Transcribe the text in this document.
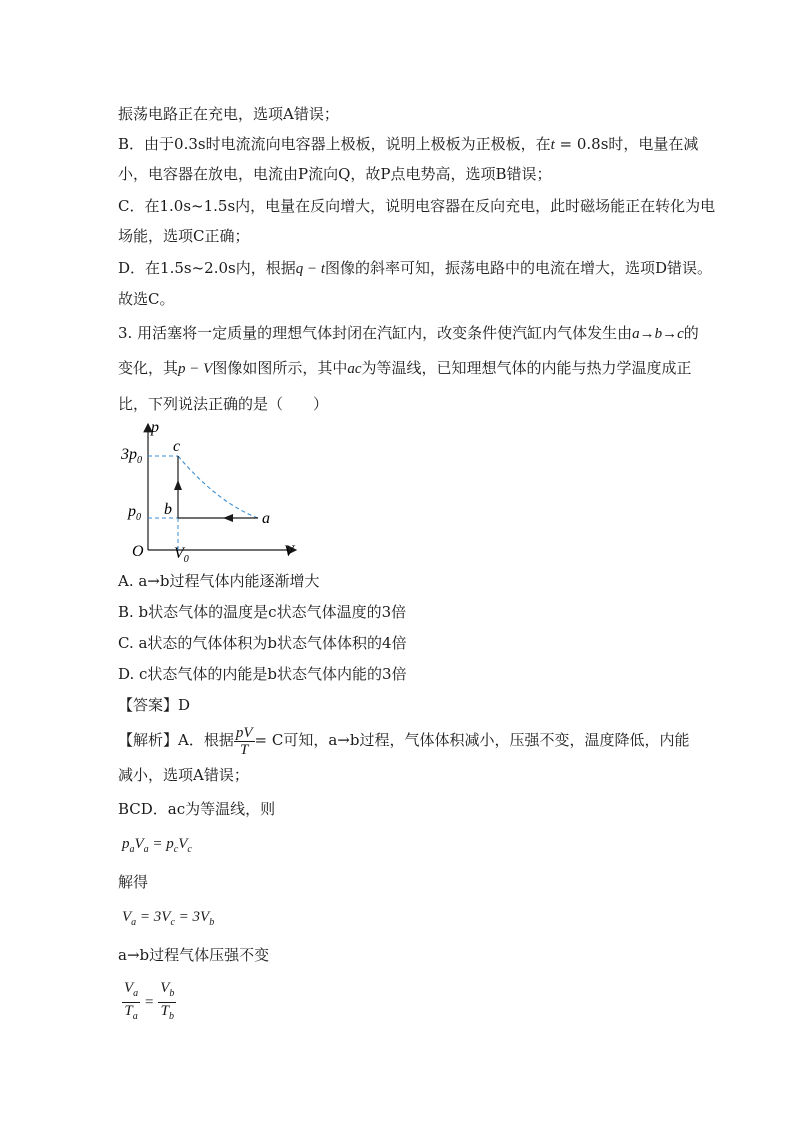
振荡电路正在充电，选项A错误；
B．由于0.3s时电流流向电容器上极板，说明上极板为正极板，在t = 0.8s时，电量在减
小，电容器在放电，电流由P流向Q，故P点电势高，选项B错误；
C．在1.0s~1.5s内，电量在反向增大，说明电容器在反向充电，此时磁场能正在转化为电
场能，选项C正确；
D．在1.5s~2.0s内，根据q − t图像的斜率可知，振荡电路中的电流在增大，选项D错误。
故选C。
3. 用活塞将一定质量的理想气体封闭在汽缸内，改变条件使汽缸内气体发生由a→b→c的
变化，其p − V图像如图所示，其中ac为等温线，已知理想气体的内能与热力学温度成正
比，下列说法正确的是（　　）
p
V
O
$3p_0$
$p_0$
$V_0$
c
b
a
A. a→b过程气体内能逐渐增大
B. b状态气体的温度是c状态气体温度的3倍
C. a状态的气体体积为b状态气体体积的4倍
D. c状态气体的内能是b状态气体内能的3倍
【答案】D
【解析】A．根据 $\frac{pV}{T} = C$可知，a→b过程，气体体积减小，压强不变，温度降低，内能
减小，选项A错误；
BCD．ac为等温线，则
$p_aV_a = p_cV_c$
解得
$V_a = 3V_c = 3V_b$
a→b过程气体压强不变
$\frac{V_a}{T_a} = \frac{V_b}{T_b}$
